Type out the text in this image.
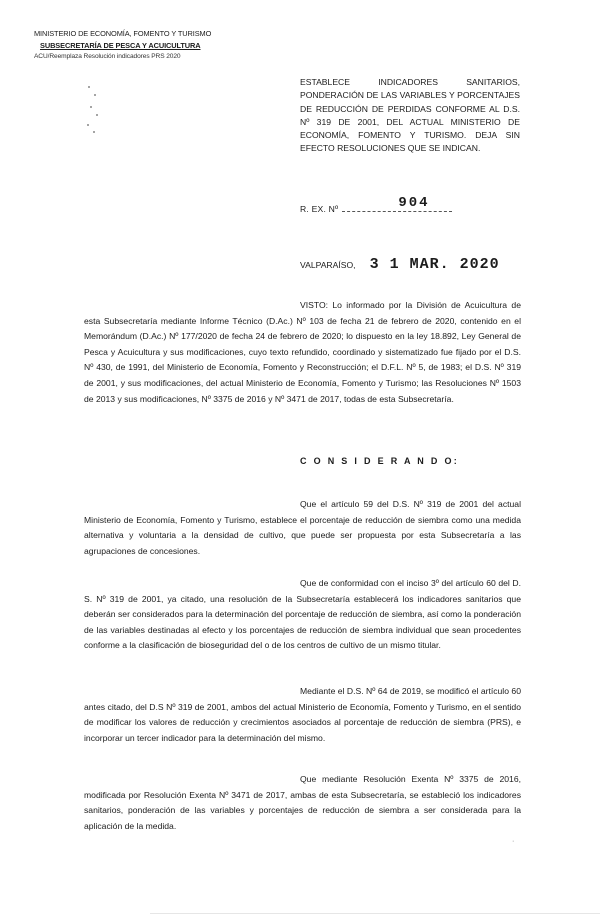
MINISTERIO DE ECONOMÍA, FOMENTO Y TURISMO
SUBSECRETARÍA DE PESCA Y ACUICULTURA
ACU/Reemplaza Resolución indicadores PRS 2020
ESTABLECE INDICADORES SANITARIOS, PONDERACIÓN DE LAS VARIABLES Y PORCENTAJES DE REDUCCIÓN DE PERDIDAS CONFORME AL D.S. Nº 319 DE 2001, DEL ACTUAL MINISTERIO DE ECONOMÍA, FOMENTO Y TURISMO. DEJA SIN EFECTO RESOLUCIONES QUE SE INDICAN.
R. EX. Nº	904
VALPARAÍSO, 3 1 MAR. 2020

VISTO: Lo informado por la División de Acuicultura de esta Subsecretaría mediante Informe Técnico (D.Ac.) Nº 103 de fecha 21 de febrero de 2020, contenido en el Memorándum (D.Ac.) Nº 177/2020 de fecha 24 de febrero de 2020; lo dispuesto en la ley 18.892, Ley General de Pesca y Acuicultura y sus modificaciones, cuyo texto refundido, coordinado y sistematizado fue fijado por el D.S. Nº 430, de 1991, del Ministerio de Economía, Fomento y Reconstrucción; el D.F.L. Nº 5, de 1983; el D.S. Nº 319 de 2001, y sus modificaciones, del actual Ministerio de Economía, Fomento y Turismo; las Resoluciones Nº 1503 de 2013 y sus modificaciones, Nº 3375 de 2016 y Nº 3471 de 2017, todas de esta Subsecretaría.

C O N S I D E R A N D O:

Que el artículo 59 del D.S. Nº 319 de 2001 del actual Ministerio de Economía, Fomento y Turismo, establece el porcentaje de reducción de siembra como una medida alternativa y voluntaria a la densidad de cultivo, que puede ser propuesta por esta Subsecretaría a las agrupaciones de concesiones.

Que de conformidad con el inciso 3º del artículo 60 del D. S. Nº 319 de 2001, ya citado, una resolución de la Subsecretaría establecerá los indicadores sanitarios que deberán ser considerados para la determinación del porcentaje de reducción de siembra, así como la ponderación de las variables destinadas al efecto y los porcentajes de reducción de siembra individual que sean procedentes conforme a la clasificación de bioseguridad del o de los centros de cultivo de un mismo titular.

Mediante el D.S. Nº 64 de 2019, se modificó el artículo 60 antes citado, del D.S Nº 319 de 2001, ambos del actual Ministerio de Economía, Fomento y Turismo, en el sentido de modificar los valores de reducción y crecimientos asociados al porcentaje de reducción de siembra (PRS), e incorporar un tercer indicador para la determinación del mismo.

Que mediante Resolución Exenta Nº 3375 de 2016, modificada por Resolución Exenta Nº 3471 de 2017, ambas de esta Subsecretaría, se estableció los indicadores sanitarios, ponderación de las variables y porcentajes de reducción de siembra a ser considerada para la aplicación de la medida.

·
